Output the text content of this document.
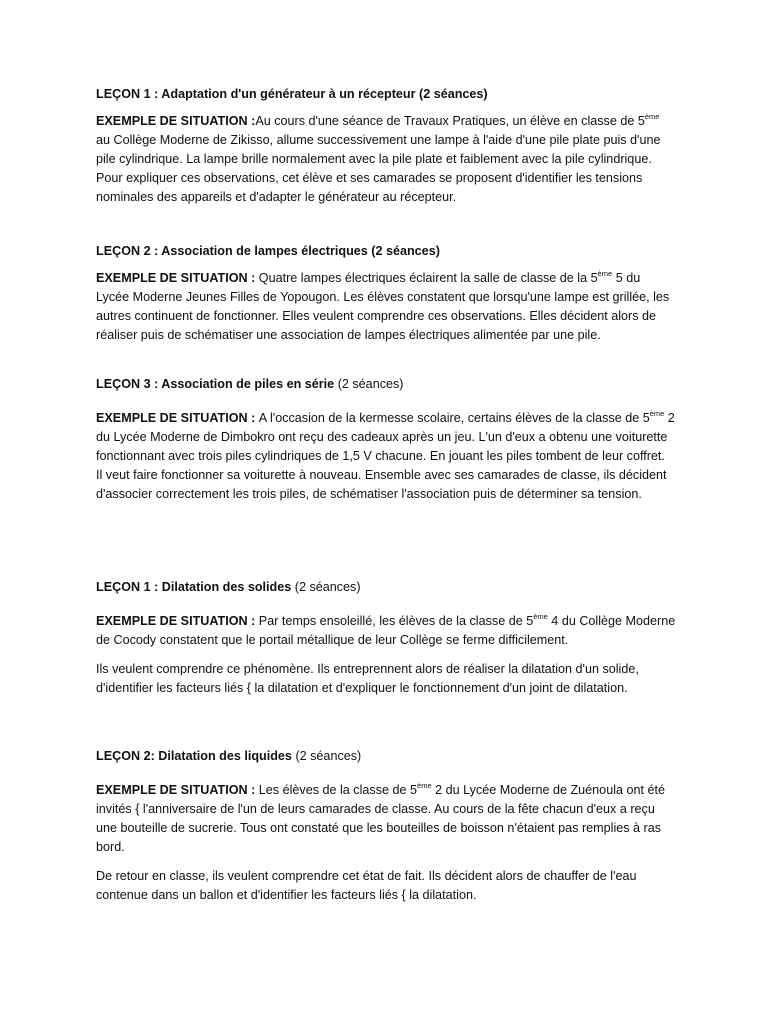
LEÇON 1 : Adaptation d'un générateur à un récepteur (2 séances)

EXEMPLE DE SITUATION :Au cours d'une séance de Travaux Pratiques, un élève en classe de 5ème au Collège Moderne de Zikisso, allume successivement une lampe à l'aide d'une pile plate puis d'une pile cylindrique. La lampe brille normalement avec la pile plate et faiblement avec la pile cylindrique. Pour expliquer ces observations, cet élève et ses camarades se proposent d'identifier les tensions nominales des appareils et d'adapter le générateur au récepteur.

LEÇON 2 : Association de lampes électriques (2 séances)

EXEMPLE DE SITUATION : Quatre lampes électriques éclairent la salle de classe de la 5ème 5 du Lycée Moderne Jeunes Filles de Yopougon. Les élèves constatent que lorsqu'une lampe est grillée, les autres continuent de fonctionner. Elles veulent comprendre ces observations. Elles décident alors de réaliser puis de schématiser une association de lampes électriques alimentée par une pile.

LEÇON 3 : Association de piles en série (2 séances)

EXEMPLE DE SITUATION : A l'occasion de la kermesse scolaire, certains élèves de la classe de 5ème 2 du Lycée Moderne de Dimbokro ont reçu des cadeaux après un jeu. L'un d'eux a obtenu une voiturette fonctionnant avec trois piles cylindriques de 1,5 V chacune. En jouant les piles tombent de leur coffret.

Il veut faire fonctionner sa voiturette à nouveau. Ensemble avec ses camarades de classe, ils décident d'associer correctement les trois piles, de schématiser l'association puis de déterminer sa tension.

LEÇON 1 : Dilatation des solides (2 séances)

EXEMPLE DE SITUATION : Par temps ensoleillé, les élèves de la classe de 5ème 4 du Collège Moderne de Cocody constatent que le portail métallique de leur Collège se ferme difficilement.

Ils veulent comprendre ce phénomène. Ils entreprennent alors de réaliser la dilatation d'un solide, d'identifier les facteurs liés { la dilatation et d'expliquer le fonctionnement d'un joint de dilatation.

LEÇON 2: Dilatation des liquides (2 séances)

EXEMPLE DE SITUATION : Les élèves de la classe de 5ème 2 du Lycée Moderne de Zuénoula ont été invités { l'anniversaire de l'un de leurs camarades de classe. Au cours de la fête chacun d'eux a reçu une bouteille de sucrerie. Tous ont constaté que les bouteilles de boisson n'étaient pas remplies à ras bord.

De retour en classe, ils veulent comprendre cet état de fait. Ils décident alors de chauffer de l'eau contenue dans un ballon et d'identifier les facteurs liés { la dilatation.
